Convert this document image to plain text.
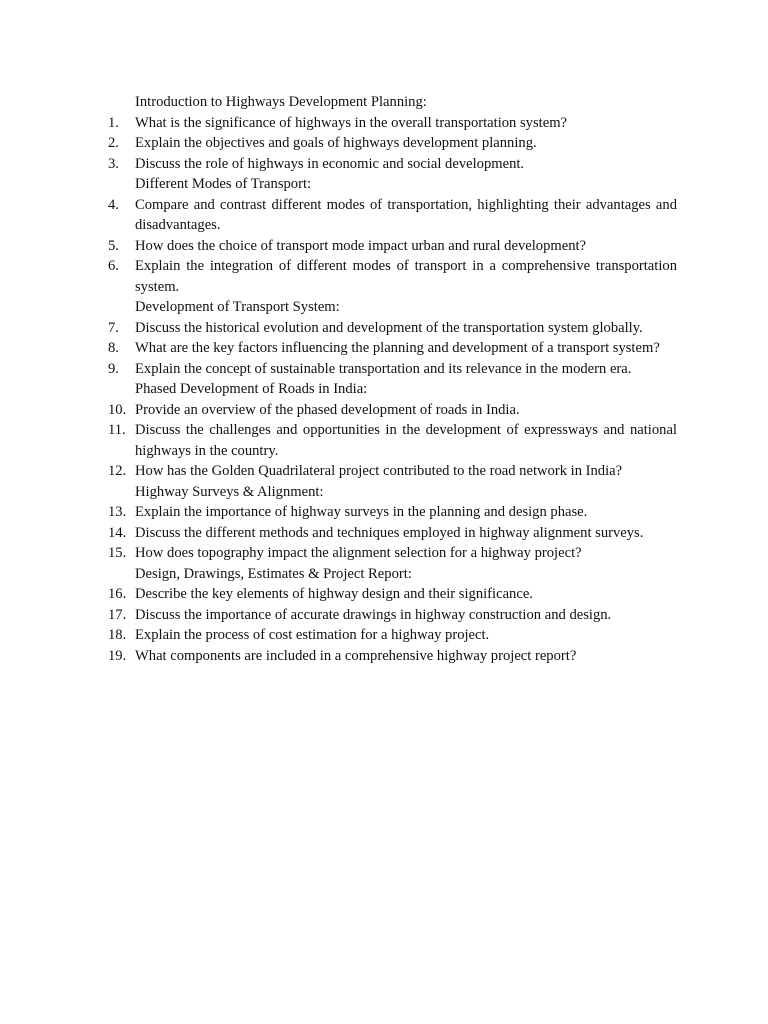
Introduction to Highways Development Planning:
1.	What is the significance of highways in the overall transportation system?
2.	Explain the objectives and goals of highways development planning.
3.	Discuss the role of highways in economic and social development.
Different Modes of Transport:
4.	Compare and contrast different modes of transportation, highlighting their advantages and disadvantages.
5.	How does the choice of transport mode impact urban and rural development?
6.	Explain the integration of different modes of transport in a comprehensive transportation system.
Development of Transport System:
7.	Discuss the historical evolution and development of the transportation system globally.
8.	What are the key factors influencing the planning and development of a transport system?
9.	Explain the concept of sustainable transportation and its relevance in the modern era.
Phased Development of Roads in India:
10. Provide an overview of the phased development of roads in India.
11. Discuss the challenges and opportunities in the development of expressways and national highways in the country.
12. How has the Golden Quadrilateral project contributed to the road network in India?
Highway Surveys & Alignment:
13. Explain the importance of highway surveys in the planning and design phase.
14. Discuss the different methods and techniques employed in highway alignment surveys.
15. How does topography impact the alignment selection for a highway project?
Design, Drawings, Estimates & Project Report:
16. Describe the key elements of highway design and their significance.
17. Discuss the importance of accurate drawings in highway construction and design.
18. Explain the process of cost estimation for a highway project.
19. What components are included in a comprehensive highway project report?
